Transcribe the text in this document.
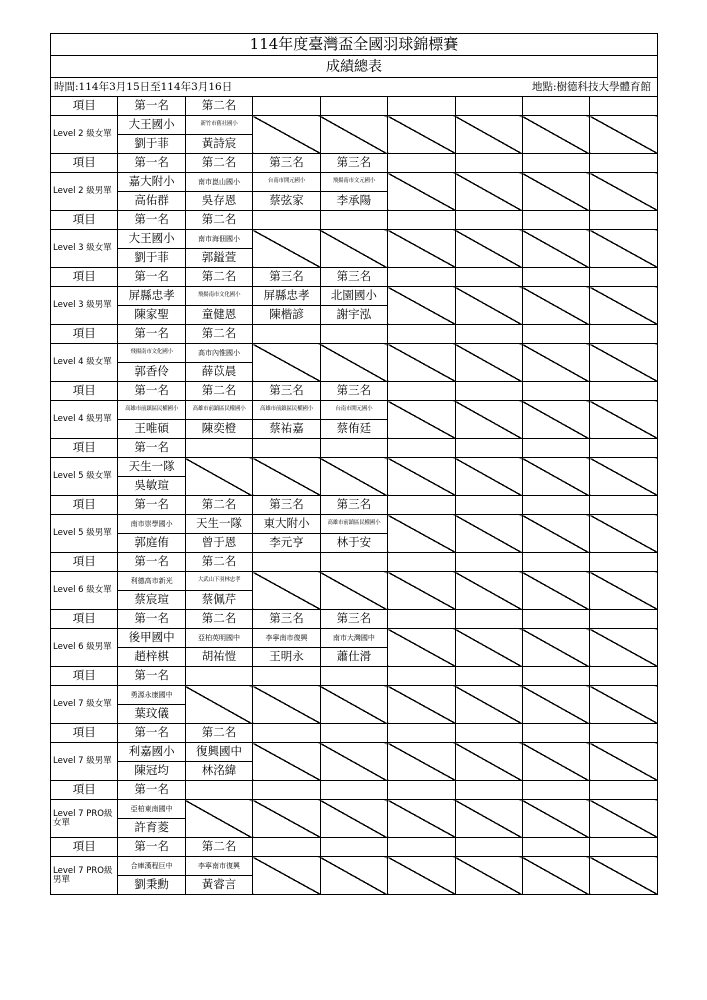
114年度臺灣盃全國羽球錦標賽								
成績總表								

時間:114年3月15日至114年3月16日 地點:樹德科技大學體育館								

項目	第一名	第二名						
Level 2 級女單	大王國小	新竹市舊社國小						
	劉于菲	黃詩宸						
項目	第一名	第二名	第三名	第三名				
Level 2 級男單	嘉大附小	南市崑山國小	台南市開元國小	飛揚南市文元國小				
	高佑群	吳存恩	蔡弦家	李承陽				
項目	第一名	第二名						
Level 3 級女單	大王國小	南市海佃國小						
	劉于菲	郭鎰萱						
項目	第一名	第二名	第三名	第三名				
Level 3 級男單	屏縣忠孝	飛揚南市文化國小	屏縣忠孝	北園國小				
	陳家聖	童健恩	陳楷諺	謝宇泓				
項目	第一名	第二名						
Level 4 級女單	飛揚南市文化國小	高市內惟國小						
	郭香伶	薛苡晨						
項目	第一名	第二名	第三名	第三名				
Level 4 級男單	高雄市前鎮區民權國小	高雄市前鎮區民權國小	高雄市前鎮區民權國小	台南市開元國小				
	王唯碩	陳奕橙	蔡祐嘉	蔡侑廷				
項目	第一名							
Level 5 級女單	天生一隊							
	吳敏瑄							
項目	第一名	第二名	第三名	第三名				
Level 5 級男單	南市崇學國小	天生一隊	東大附小	高雄市前鎮區民權國小				
	郭庭侑	曾于恩	李元亨	林于安				
項目	第一名	第二名						
Level 6 級女單	利德高市新光	大武山下羽林忠孝						
	蔡宸瑄	蔡佩芹						
項目	第一名	第二名	第三名	第三名				
Level 6 級男單	後甲國中	亞柏英明國中	李寧南市復興	南市大灣國中				
	趙梓棋	胡祐愷	王明永	蕭仕滑				
項目	第一名							
Level 7 級女單	勇源永康國中							
	葉玟儀							
項目	第一名	第二名						
Level 7 級男單	利嘉國小	復興國中						
	陳冠均	林洺緯						
項目	第一名							
Level 7 PRO級女單	亞柏東南國中							
	許育菱							
項目	第一名	第二名						
Level 7 PRO級男單	合庫漢程巨中	李寧南市復興						
	劉秉勳	黃睿言						
